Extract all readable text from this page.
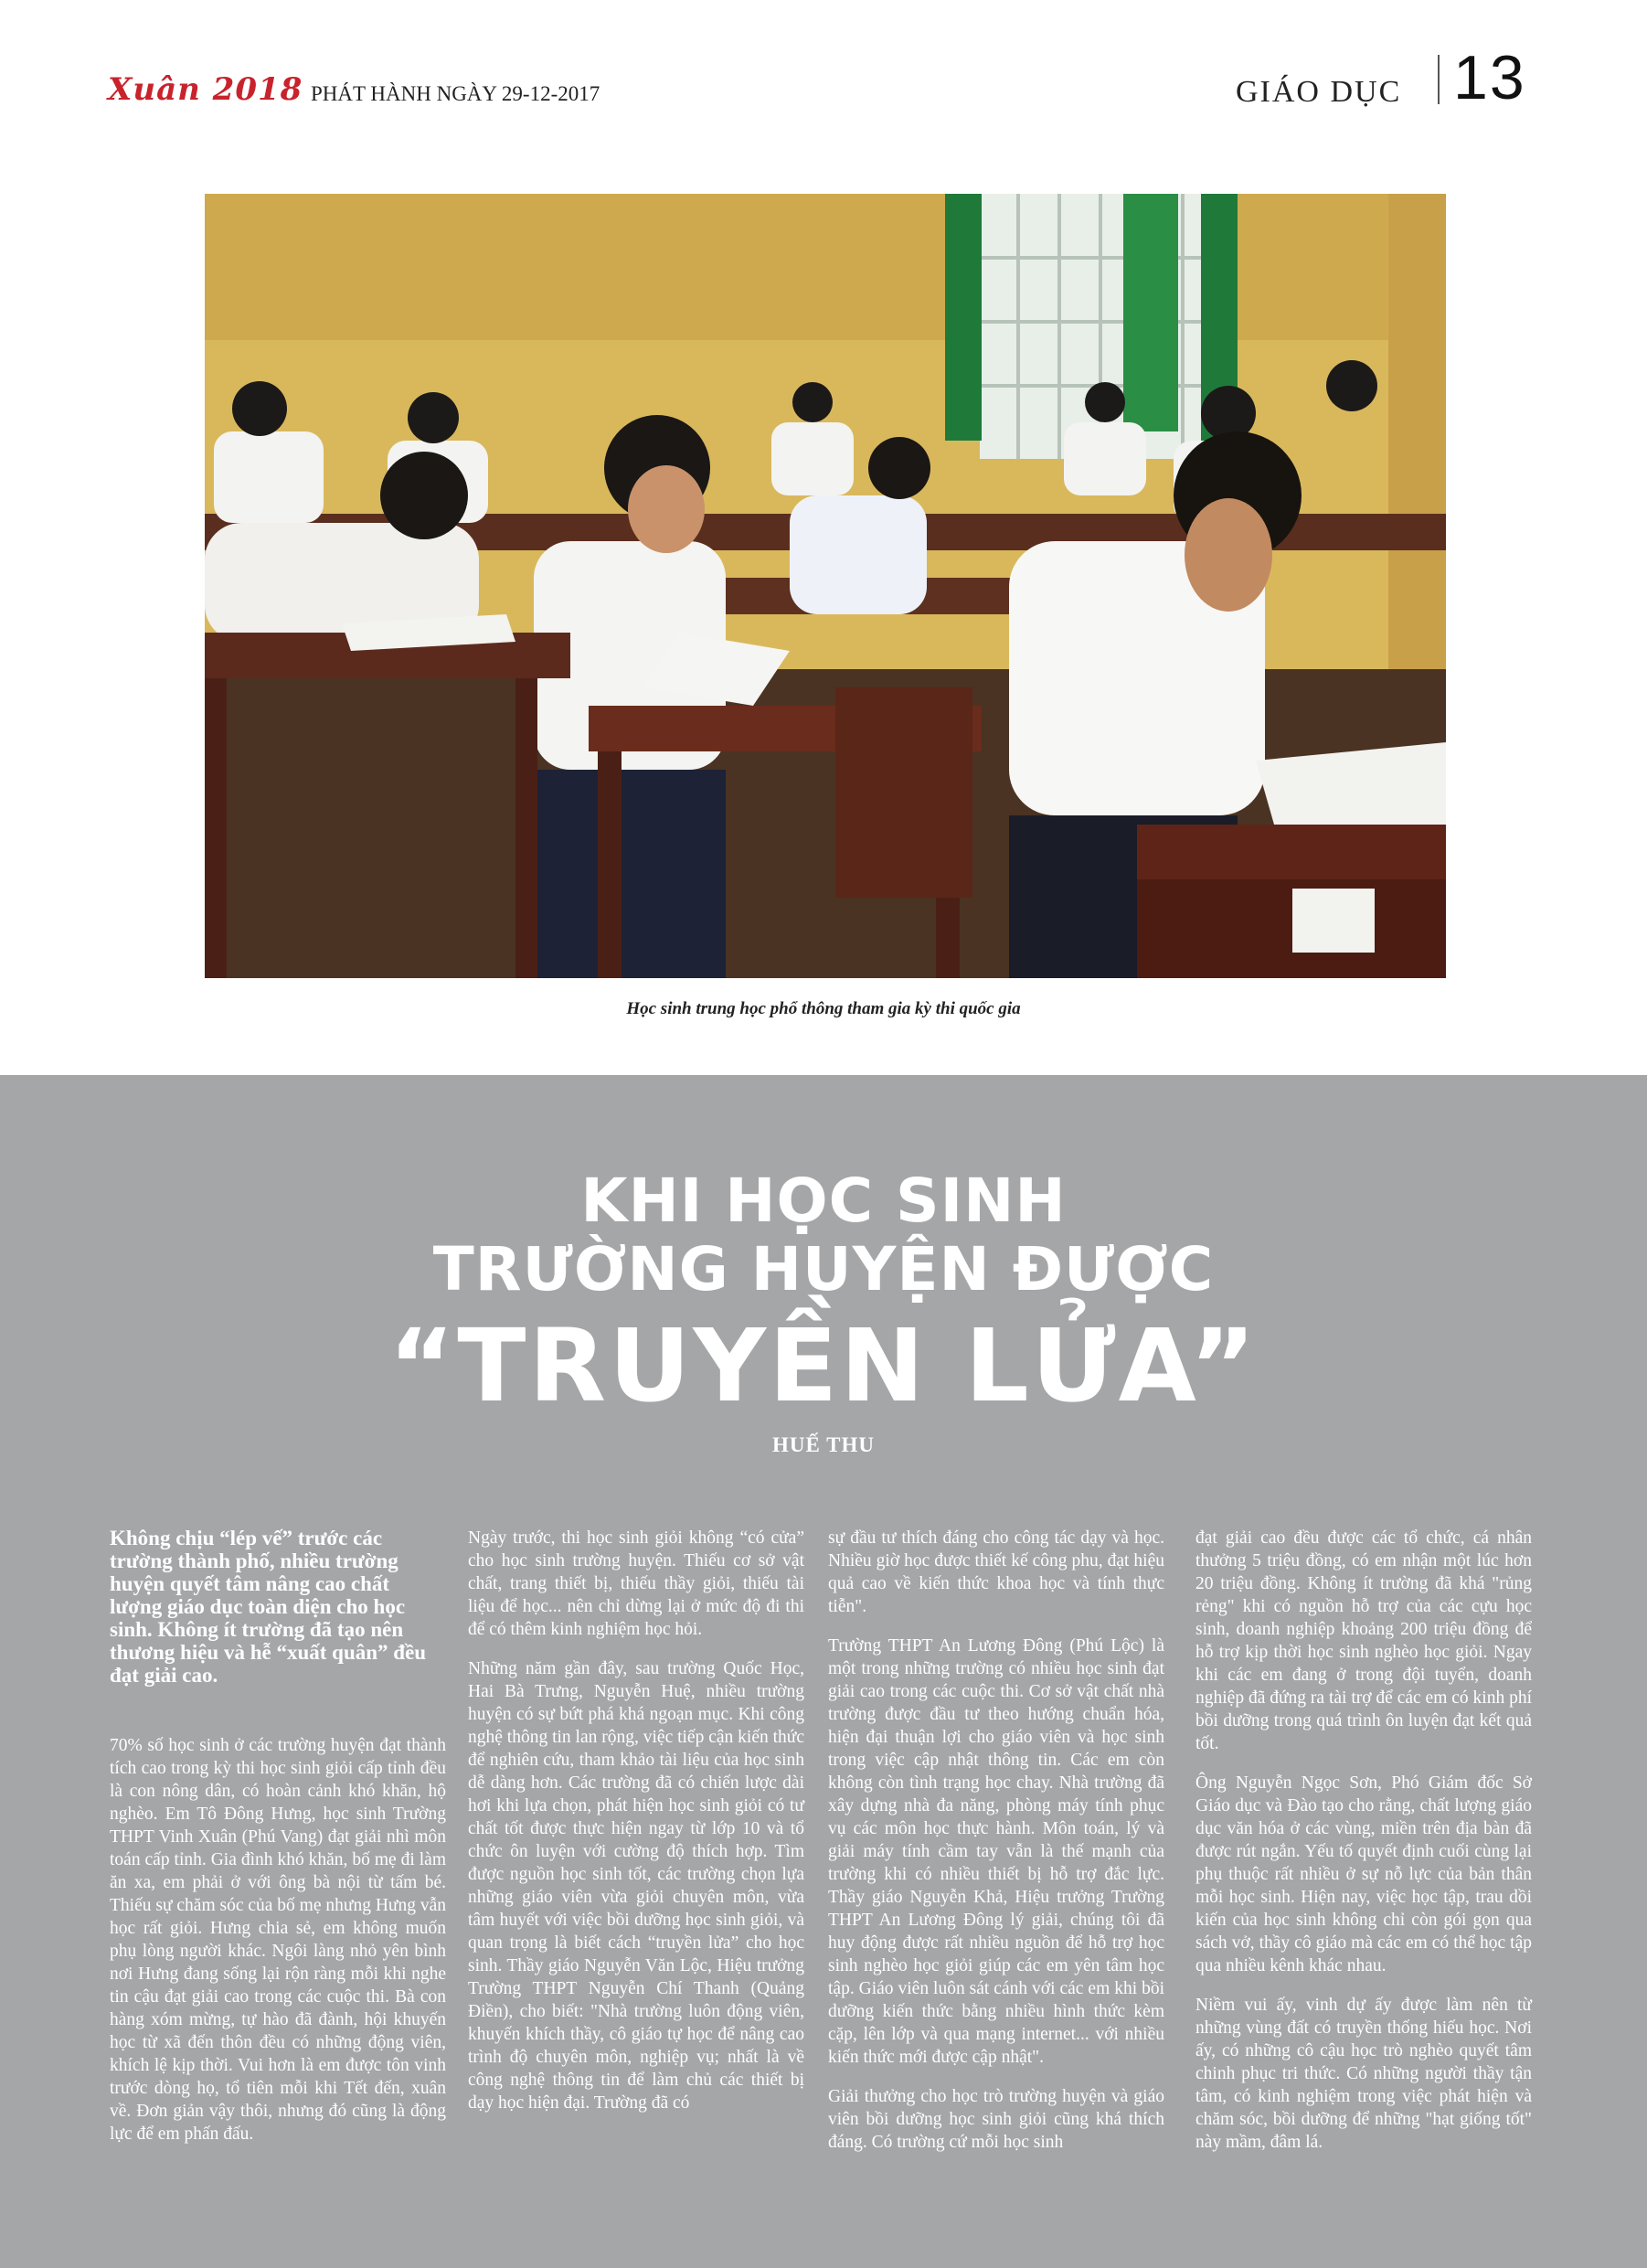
Xuân 2018 PHÁT HÀNH NGÀY 29-12-2017	GIÁO DỤC 13
Học sinh trung học phổ thông tham gia kỳ thi quốc gia
KHI HỌC SINH
TRƯỜNG HUYỆN ĐƯỢC
“TRUYỀN LỬA”
HUẾ THU

Không chịu “lép vế” trước các trường thành phố, nhiều trường huyện quyết tâm nâng cao chất lượng giáo dục toàn diện cho học sinh. Không ít trường đã tạo nên thương hiệu và hễ “xuất quân” đều đạt giải cao.

70% số học sinh ở các trường huyện đạt thành tích cao trong kỳ thi học sinh giỏi cấp tỉnh đều là con nông dân, có hoàn cảnh khó khăn, hộ nghèo. Em Tô Đông Hưng, học sinh Trường THPT Vinh Xuân (Phú Vang) đạt giải nhì môn toán cấp tỉnh. Gia đình khó khăn, bố mẹ đi làm ăn xa, em phải ở với ông bà nội từ tấm bé. Thiếu sự chăm sóc của bố mẹ nhưng Hưng vẫn học rất giỏi. Hưng chia sẻ, em không muốn phụ lòng người khác. Ngôi làng nhỏ yên bình nơi Hưng đang sống lại rộn ràng mỗi khi nghe tin cậu đạt giải cao trong các cuộc thi. Bà con hàng xóm mừng, tự hào đã đành, hội khuyến học từ xã đến thôn đều có những động viên, khích lệ kịp thời. Vui hơn là em được tôn vinh trước dòng họ, tổ tiên mỗi khi Tết đến, xuân về. Đơn giản vậy thôi, nhưng đó cũng là động lực để em phấn đấu.

Ngày trước, thi học sinh giỏi không “có cửa” cho học sinh trường huyện. Thiếu cơ sở vật chất, trang thiết bị, thiếu thầy giỏi, thiếu tài liệu để học... nên chỉ dừng lại ở mức độ đi thi để có thêm kinh nghiệm học hỏi.

Những năm gần đây, sau trường Quốc Học, Hai Bà Trưng, Nguyễn Huệ, nhiều trường huyện có sự bứt phá khá ngoạn mục. Khi công nghệ thông tin lan rộng, việc tiếp cận kiến thức để nghiên cứu, tham khảo tài liệu của học sinh dễ dàng hơn. Các trường đã có chiến lược dài hơi khi lựa chọn, phát hiện học sinh giỏi có tư chất tốt được thực hiện ngay từ lớp 10 và tổ chức ôn luyện với cường độ thích hợp. Tìm được nguồn học sinh tốt, các trường chọn lựa những giáo viên vừa giỏi chuyên môn, vừa tâm huyết với việc bồi dưỡng học sinh giỏi, và quan trọng là biết cách “truyền lửa” cho học sinh. Thầy giáo Nguyễn Văn Lộc, Hiệu trưởng Trường THPT Nguyễn Chí Thanh (Quảng Điền), cho biết: "Nhà trường luôn động viên, khuyến khích thầy, cô giáo tự học để nâng cao trình độ chuyên môn, nghiệp vụ; nhất là về công nghệ thông tin để làm chủ các thiết bị dạy học hiện đại. Trường đã có

sự đầu tư thích đáng cho công tác dạy và học. Nhiều giờ học được thiết kế công phu, đạt hiệu quả cao về kiến thức khoa học và tính thực tiễn".

Trường THPT An Lương Đông (Phú Lộc) là một trong những trường có nhiều học sinh đạt giải cao trong các cuộc thi. Cơ sở vật chất nhà trường được đầu tư theo hướng chuẩn hóa, hiện đại thuận lợi cho giáo viên và học sinh trong việc cập nhật thông tin. Các em còn không còn tình trạng học chay. Nhà trường đã xây dựng nhà đa năng, phòng máy tính phục vụ các môn học thực hành. Môn toán, lý và giải máy tính cầm tay vẫn là thế mạnh của trường khi có nhiều thiết bị hỗ trợ đắc lực. Thầy giáo Nguyễn Khả, Hiệu trưởng Trường THPT An Lương Đông lý giải, chúng tôi đã huy động được rất nhiều nguồn để hỗ trợ học sinh nghèo học giỏi giúp các em yên tâm học tập. Giáo viên luôn sát cánh với các em khi bồi dưỡng kiến thức bằng nhiều hình thức kèm cặp, lên lớp và qua mạng internet... với nhiều kiến thức mới được cập nhật".

Giải thưởng cho học trò trường huyện và giáo viên bồi dưỡng học sinh giỏi cũng khá thích đáng. Có trường cứ mỗi học sinh

đạt giải cao đều được các tổ chức, cá nhân thưởng 5 triệu đồng, có em nhận một lúc hơn 20 triệu đồng. Không ít trường đã khá "rủng rẻng" khi có nguồn hỗ trợ của các cựu học sinh, doanh nghiệp khoảng 200 triệu đồng để hỗ trợ kịp thời học sinh nghèo học giỏi. Ngay khi các em đang ở trong đội tuyển, doanh nghiệp đã đứng ra tài trợ để các em có kinh phí bồi dưỡng trong quá trình ôn luyện đạt kết quả tốt.

Ông Nguyễn Ngọc Sơn, Phó Giám đốc Sở Giáo dục và Đào tạo cho rằng, chất lượng giáo dục văn hóa ở các vùng, miền trên địa bàn đã được rút ngắn. Yếu tố quyết định cuối cùng lại phụ thuộc rất nhiều ở sự nỗ lực của bản thân mỗi học sinh. Hiện nay, việc học tập, trau dồi kiến của học sinh không chỉ còn gói gọn qua sách vở, thầy cô giáo mà các em có thể học tập qua nhiều kênh khác nhau.

Niềm vui ấy, vinh dự ấy được làm nên từ những vùng đất có truyền thống hiếu học. Nơi ấy, có những cô cậu học trò nghèo quyết tâm chinh phục tri thức. Có những người thầy tận tâm, có kinh nghiệm trong việc phát hiện và chăm sóc, bồi dưỡng để những "hạt giống tốt" này mầm, đâm lá.
